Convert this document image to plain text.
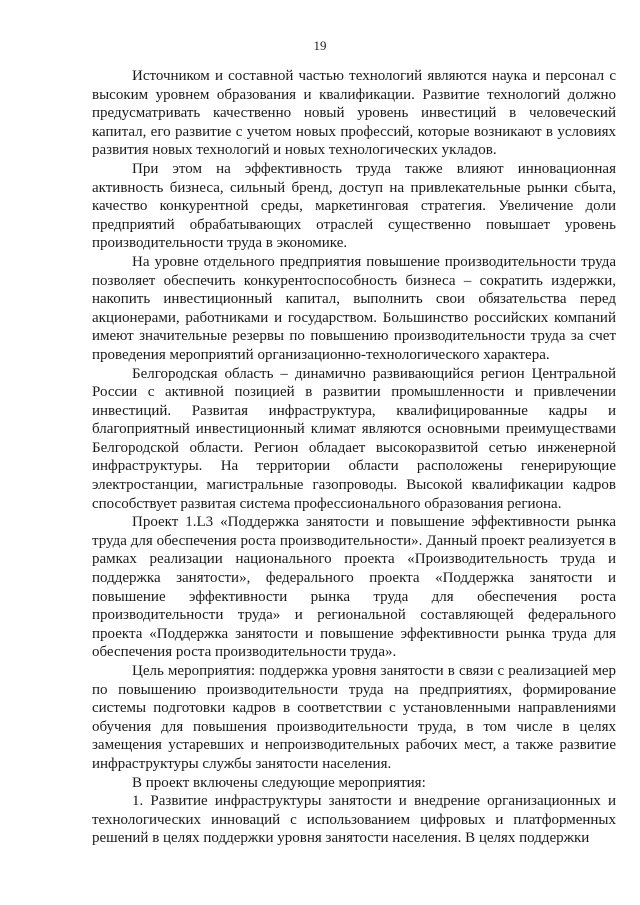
19

Источником и составной частью технологий являются наука и персонал с высоким уровнем образования и квалификации. Развитие технологий должно предусматривать качественно новый уровень инвестиций в человеческий капитал, его развитие с учетом новых профессий, которые возникают в условиях развития новых технологий и новых технологических укладов.

При этом на эффективность труда также влияют инновационная активность бизнеса, сильный бренд, доступ на привлекательные рынки сбыта, качество конкурентной среды, маркетинговая стратегия. Увеличение доли предприятий обрабатывающих отраслей существенно повышает уровень производительности труда в экономике.

На уровне отдельного предприятия повышение производительности труда позволяет обеспечить конкурентоспособность бизнеса – сократить издержки, накопить инвестиционный капитал, выполнить свои обязательства перед акционерами, работниками и государством. Большинство российских компаний имеют значительные резервы по повышению производительности труда за счет проведения мероприятий организационно-технологического характера.

Белгородская область – динамично развивающийся регион Центральной России с активной позицией в развитии промышленности и привлечении инвестиций. Развитая инфраструктура, квалифицированные кадры и благоприятный инвестиционный климат являются основными преимуществами Белгородской области. Регион обладает высокоразвитой сетью инженерной инфраструктуры. На территории области расположены генерирующие электростанции, магистральные газопроводы. Высокой квалификации кадров способствует развитая система профессионального образования региона.

Проект 1.L3 «Поддержка занятости и повышение эффективности рынка труда для обеспечения роста производительности». Данный проект реализуется в рамках реализации национального проекта «Производительность труда и поддержка занятости», федерального проекта «Поддержка занятости и повышение эффективности рынка труда для обеспечения роста производительности труда» и региональной составляющей федерального проекта «Поддержка занятости и повышение эффективности рынка труда для обеспечения роста производительности труда».

Цель мероприятия: поддержка уровня занятости в связи с реализацией мер по повышению производительности труда на предприятиях, формирование системы подготовки кадров в соответствии с установленными направлениями обучения для повышения производительности труда, в том числе в целях замещения устаревших и непроизводительных рабочих мест, а также развитие инфраструктуры службы занятости населения.

В проект включены следующие мероприятия:

1. Развитие инфраструктуры занятости и внедрение организационных и технологических инноваций с использованием цифровых и платформенных решений в целях поддержки уровня занятости населения. В целях поддержки
